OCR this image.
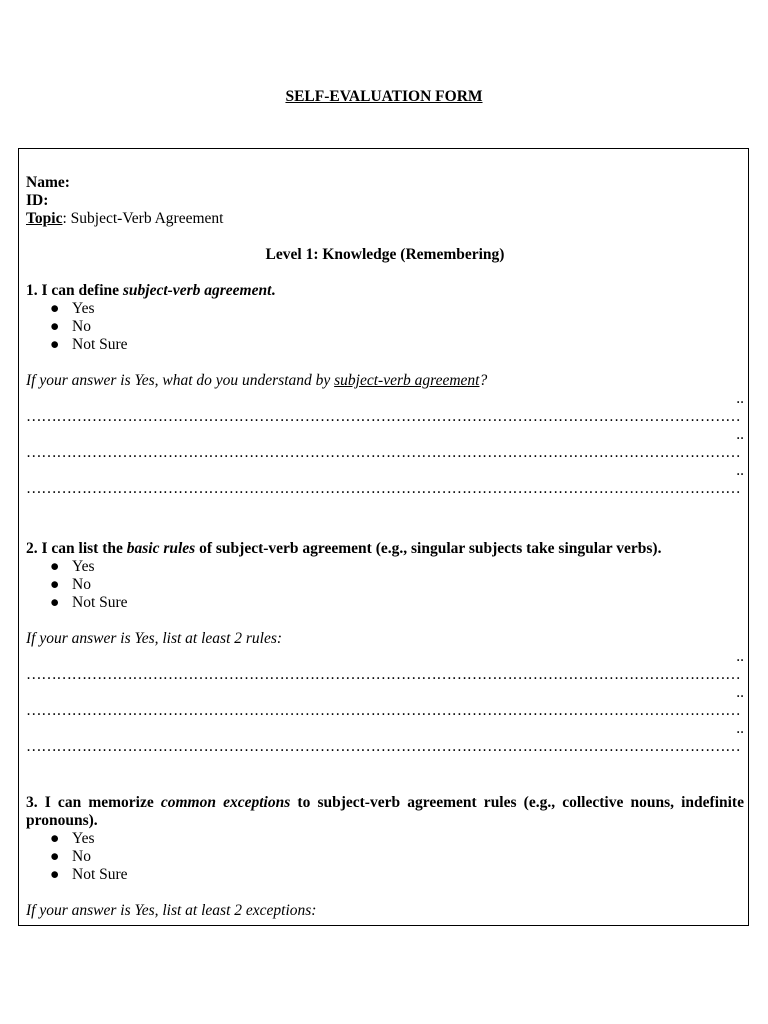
SELF-EVALUATION FORM
Name:
ID:
Topic: Subject-Verb Agreement
Level 1: Knowledge (Remembering)
1. I can define subject-verb agreement.
● Yes
● No
● Not Sure
If your answer is Yes, what do you understand by subject-verb agreement?
..
……………………………………………………………………………………………………………………………
..
……………………………………………………………………………………………………………………………
..
……………………………………………………………………………………………………………………………
2. I can list the basic rules of subject-verb agreement (e.g., singular subjects take singular verbs).
● Yes
● No
● Not Sure
If your answer is Yes, list at least 2 rules:
..
……………………………………………………………………………………………………………………………
..
……………………………………………………………………………………………………………………………
..
……………………………………………………………………………………………………………………………
3. I can memorize common exceptions to subject-verb agreement rules (e.g., collective nouns, indefinite pronouns).
● Yes
● No
● Not Sure
If your answer is Yes, list at least 2 exceptions:
